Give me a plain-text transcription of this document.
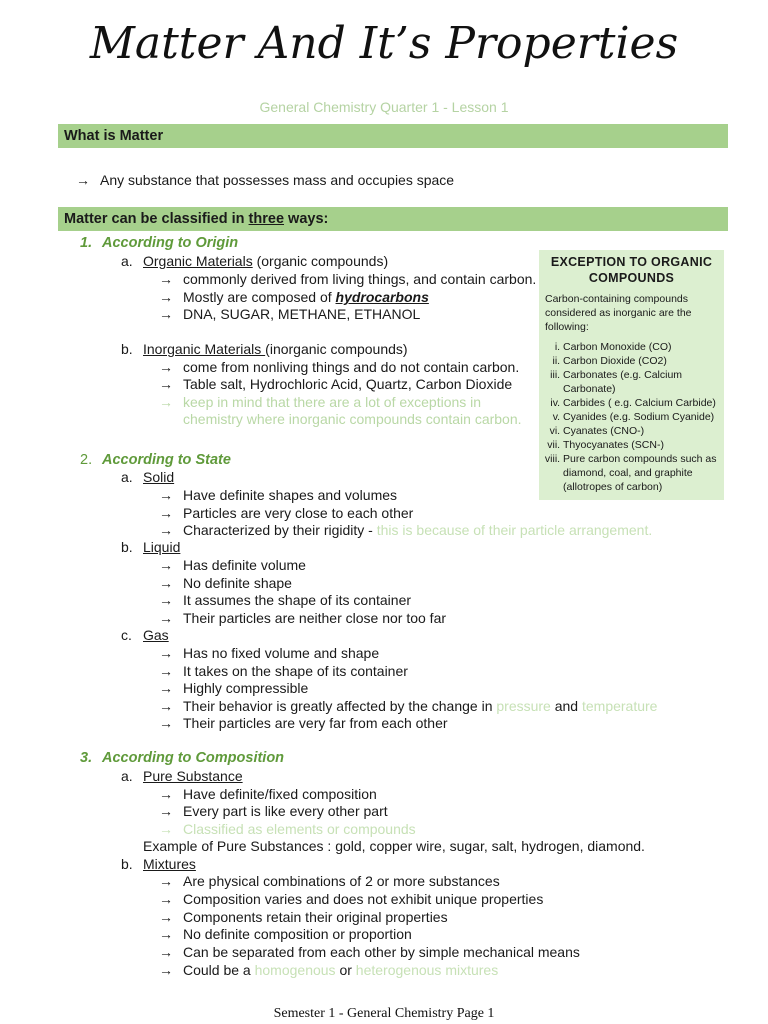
Matter And It’s Properties
General Chemistry Quarter 1 - Lesson 1
What is Matter
→ Any substance that possesses mass and occupies space
Matter can be classified in three ways:
1. According to Origin
a. Organic Materials (organic compounds)
→ commonly derived from living things, and contain carbon.
→ Mostly are composed of hydrocarbons
→ DNA, SUGAR, METHANE, ETHANOL
b. Inorganic Materials (inorganic compounds)
→ come from nonliving things and do not contain carbon.
→ Table salt, Hydrochloric Acid, Quartz, Carbon Dioxide
→ keep in mind that there are a lot of exceptions in
chemistry where inorganic compounds contain carbon.
2. According to State
a. Solid
→ Have definite shapes and volumes
→ Particles are very close to each other
→ Characterized by their rigidity - this is because of their particle arrangement.
b. Liquid
→ Has definite volume
→ No definite shape
→ It assumes the shape of its container
→ Their particles are neither close nor too far
c. Gas
→ Has no fixed volume and shape
→ It takes on the shape of its container
→ Highly compressible
→ Their behavior is greatly affected by the change in pressure and temperature
→ Their particles are very far from each other
3. According to Composition
a. Pure Substance
→ Have definite/fixed composition
→ Every part is like every other part
→ Classified as elements or compounds
Example of Pure Substances : gold, copper wire, sugar, salt, hydrogen, diamond.
b. Mixtures
→ Are physical combinations of 2 or more substances
→ Composition varies and does not exhibit unique properties
→ Components retain their original properties
→ No definite composition or proportion
→ Can be separated from each other by simple mechanical means
→ Could be a homogenous or heterogenous mixtures
EXCEPTION TO ORGANIC
COMPOUNDS
Carbon-containing compounds considered as inorganic are the following:
i. Carbon Monoxide (CO)
ii. Carbon Dioxide (CO2)
iii. Carbonates (e.g. Calcium Carbonate)
iv. Carbides ( e.g. Calcium Carbide)
v. Cyanides (e.g. Sodium Cyanide)
vi. Cyanates (CNO-)
vii. Thyocyanates (SCN-)
viii. Pure carbon compounds such as diamond, coal, and graphite (allotropes of carbon)
Semester 1 - General Chemistry Page 1
